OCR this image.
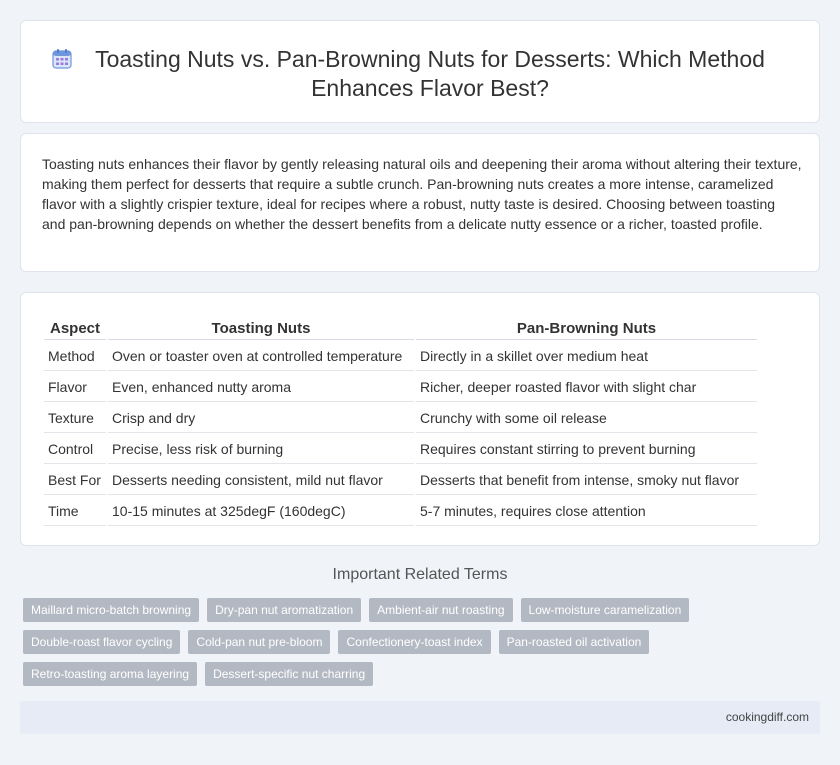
Toasting Nuts vs. Pan-Browning Nuts for Desserts: Which Method Enhances Flavor Best?

Toasting nuts enhances their flavor by gently releasing natural oils and deepening their aroma without altering their texture, making them perfect for desserts that require a subtle crunch. Pan-browning nuts creates a more intense, caramelized flavor with a slightly crispier texture, ideal for recipes where a robust, nutty taste is desired. Choosing between toasting and pan-browning depends on whether the dessert benefits from a delicate nutty essence or a richer, toasted profile.

Aspect	Toasting Nuts	Pan-Browning Nuts
Method	Oven or toaster oven at controlled temperature	Directly in a skillet over medium heat
Flavor	Even, enhanced nutty aroma	Richer, deeper roasted flavor with slight char
Texture	Crisp and dry	Crunchy with some oil release
Control	Precise, less risk of burning	Requires constant stirring to prevent burning
Best For	Desserts needing consistent, mild nut flavor	Desserts that benefit from intense, smoky nut flavor
Time	10-15 minutes at 325degF (160degC)	5-7 minutes, requires close attention
Important Related Terms
Maillard micro-batch browning	Dry-pan nut aromatization	Ambient-air nut roasting	Low-moisture caramelization
Double-roast flavor cycling	Cold-pan nut pre-bloom	Confectionery-toast index	Pan-roasted oil activation
Retro-toasting aroma layering	Dessert-specific nut charring
cookingdiff.com
